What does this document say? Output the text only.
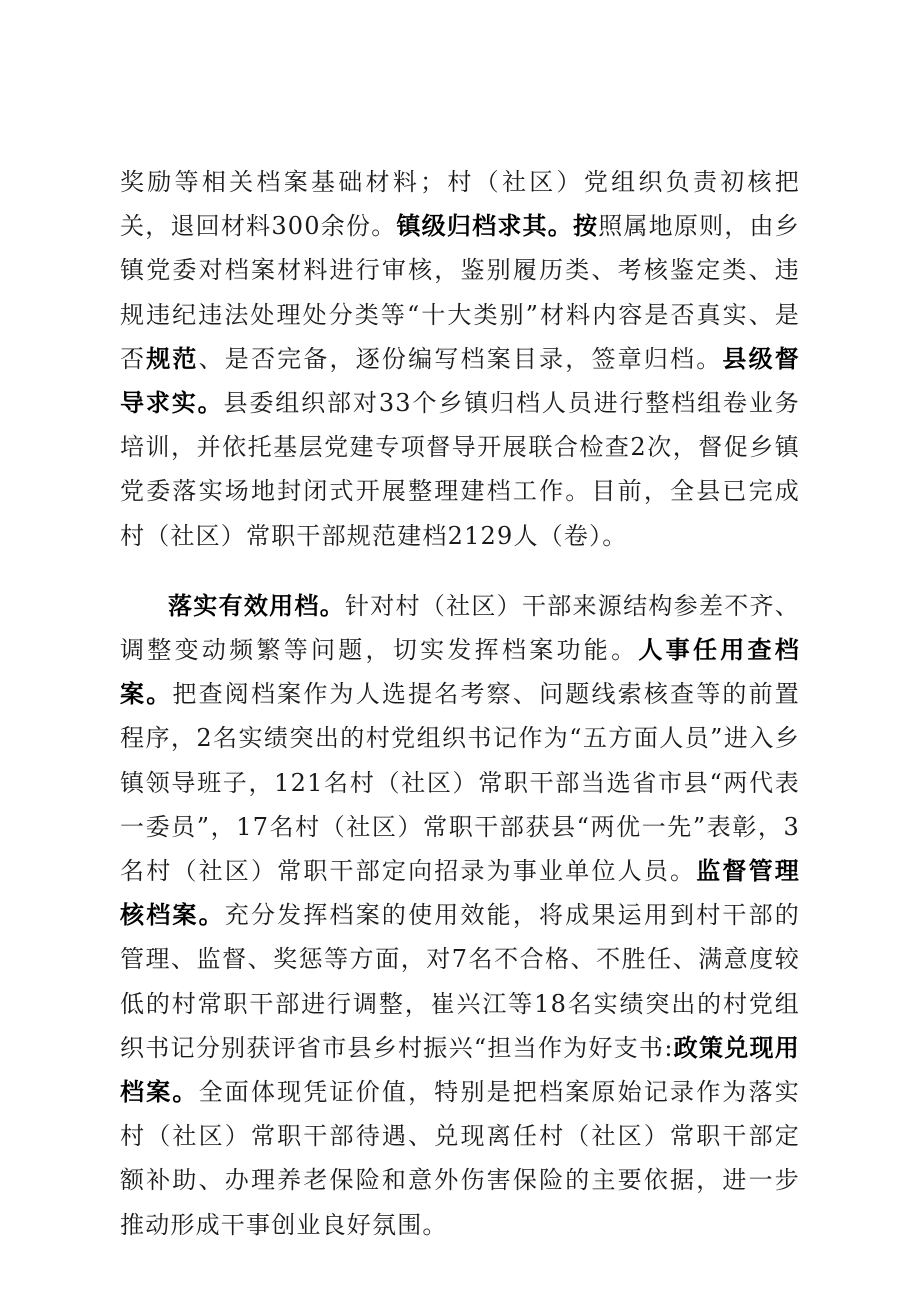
奖励等相关档案基础材料；村（社区）党组织负责初核把关，退回材料300余份。镇级归档求其。按照属地原则，由乡镇党委对档案材料进行审核，鉴别履历类、考核鉴定类、违规违纪违法处理处分类等“十大类别”材料内容是否真实、是否规范、是否完备，逐份编写档案目录，签章归档。县级督导求实。县委组织部对33个乡镇归档人员进行整档组卷业务培训，并依托基层党建专项督导开展联合检查2次，督促乡镇党委落实场地封闭式开展整理建档工作。目前，全县已完成村（社区）常职干部规范建档2129人（卷）。

落实有效用档。针对村（社区）干部来源结构参差不齐、调整变动频繁等问题，切实发挥档案功能。人事任用查档案。把查阅档案作为人选提名考察、问题线索核查等的前置程序，2名实绩突出的村党组织书记作为“五方面人员”进入乡镇领导班子，121名村（社区）常职干部当选省市县“两代表一委员”，17名村（社区）常职干部获县“两优一先”表彰，3名村（社区）常职干部定向招录为事业单位人员。监督管理核档案。充分发挥档案的使用效能，将成果运用到村干部的管理、监督、奖惩等方面，对7名不合格、不胜任、满意度较低的村常职干部进行调整，崔兴江等18名实绩突出的村党组织书记分别获评省市县乡村振兴“担当作为好支书:政策兑现用档案。全面体现凭证价值，特别是把档案原始记录作为落实村（社区）常职干部待遇、兑现离任村（社区）常职干部定额补助、办理养老保险和意外伤害保险的主要依据，进一步推动形成干事创业良好氛围。
